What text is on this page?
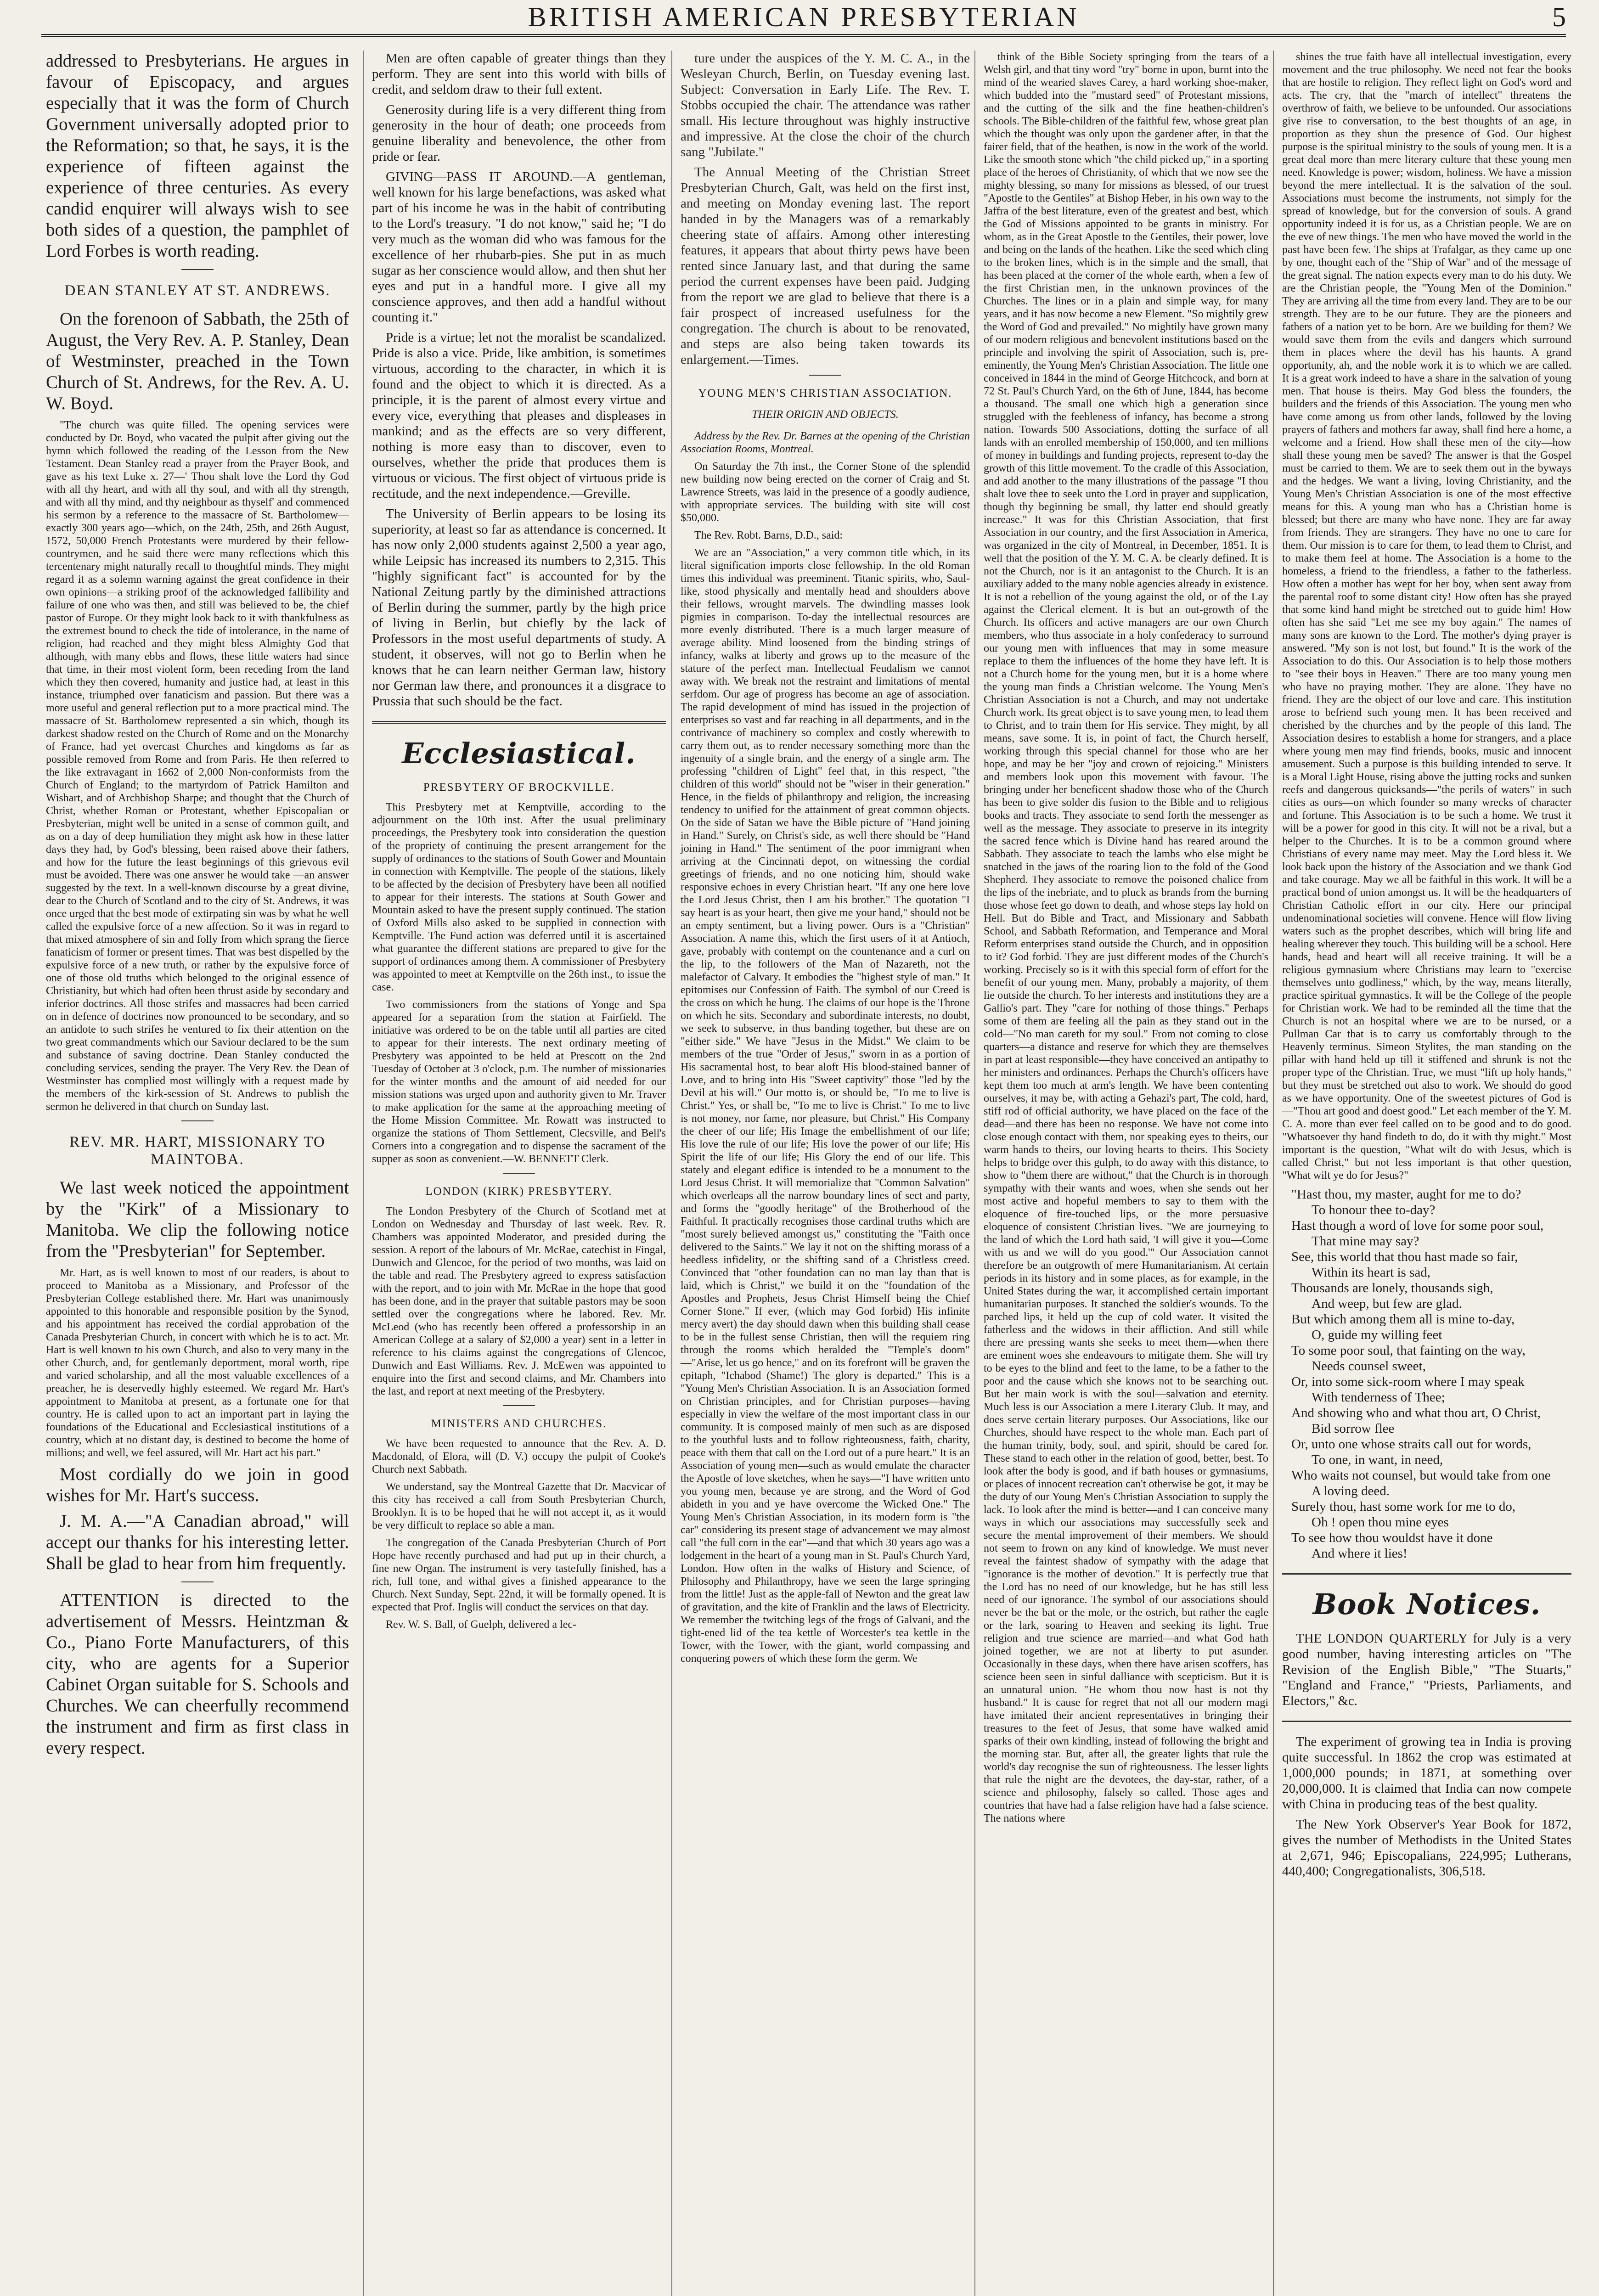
BRITISH AMERICAN PRESBYTERIAN	5

addressed to Presbyterians. He argues in favour of Episcopacy, and argues especially that it was the form of Church Government universally adopted prior to the Reformation; so that, he says, it is the experience of fifteen against the experience of three centuries. As every candid enquirer will always wish to see both sides of a question, the pamphlet of Lord Forbes is worth reading.

DEAN STANLEY AT ST. ANDREWS.

On the forenoon of Sabbath, the 25th of August, the Very Rev. A. P. Stanley, Dean of Westminster, preached in the Town Church of St. Andrews, for the Rev. A. U. W. Boyd.

"The church was quite filled. The opening services were conducted by Dr. Boyd, who vacated the pulpit after giving out the hymn which followed the reading of the Lesson from the New Testament. Dean Stanley read a prayer from the Prayer Book, and gave as his text Luke x. 27—' Thou shalt love the Lord thy God with all thy heart, and with all thy soul, and with all thy strength, and with all thy mind, and thy neighbour as thyself' and commenced his sermon by a reference to the massacre of St. Bartholomew—exactly 300 years ago—which, on the 24th, 25th, and 26th August, 1572, 50,000 French Protestants were murdered by their fellow-countrymen, and he said there were many reflections which this tercentenary might naturally recall to thoughtful minds. They might regard it as a solemn warning against the great confidence in their own opinions—a striking proof of the acknowledged fallibility and failure of one who was then, and still was believed to be, the chief pastor of Europe. Or they might look back to it with thankfulness as the extremest bound to check the tide of intolerance, in the name of religion, had reached and they might bless Almighty God that although, with many ebbs and flows, these little waters had since that time, in their most violent form, been receding from the land which they then covered, humanity and justice had, at least in this instance, triumphed over fanaticism and passion. But there was a more useful and general reflection put to a more practical mind. The massacre of St. Bartholomew represented a sin which, though its darkest shadow rested on the Church of Rome and on the Monarchy of France, had yet overcast Churches and kingdoms as far as possible removed from Rome and from Paris. He then referred to the like extravagant in 1662 of 2,000 Non-conformists from the Church of England; to the martyrdom of Patrick Hamilton and Wishart, and of Archbishop Sharpe; and thought that the Church of Christ, whether Roman or Protestant, whether Episcopalian or Presbyterian, might well be united in a sense of common guilt, and as on a day of deep humiliation they might ask how in these latter days they had, by God's blessing, been raised above their fathers, and how for the future the least beginnings of this grievous evil must be avoided. There was one answer he would take —an answer suggested by the text. In a well-known discourse by a great divine, dear to the Church of Scotland and to the city of St. Andrews, it was once urged that the best mode of extirpating sin was by what he well called the expulsive force of a new affection. So it was in regard to that mixed atmosphere of sin and folly from which sprang the fierce fanaticism of former or present times. That was best dispelled by the expulsive force of a new truth, or rather by the expulsive force of one of those old truths which belonged to the original essence of Christianity, but which had often been thrust aside by secondary and inferior doctrines. All those strifes and massacres had been carried on in defence of doctrines now pronounced to be secondary, and so an antidote to such strifes he ventured to fix their attention on the two great commandments which our Saviour declared to be the sum and substance of saving doctrine. Dean Stanley conducted the concluding services, sending the prayer. The Very Rev. the Dean of Westminster has complied most willingly with a request made by the members of the kirk-session of St. Andrews to publish the sermon he delivered in that church on Sunday last.

REV. MR. HART, MISSIONARY TO MAINTOBA.

We last week noticed the appointment by the "Kirk" of a Missionary to Manitoba. We clip the following notice from the "Presbyterian" for September.

Mr. Hart, as is well known to most of our readers, is about to proceed to Manitoba as a Missionary, and Professor of the Presbyterian College established there. Mr. Hart was unanimously appointed to this honorable and responsible position by the Synod, and his appointment has received the cordial approbation of the Canada Presbyterian Church, in concert with which he is to act. Mr. Hart is well known to his own Church, and also to very many in the other Church, and, for gentlemanly deportment, moral worth, ripe and varied scholarship, and all the most valuable excellences of a preacher, he is deservedly highly esteemed. We regard Mr. Hart's appointment to Manitoba at present, as a fortunate one for that country. He is called upon to act an important part in laying the foundations of the Educational and Ecclesiastical institutions of a country, which at no distant day, is destined to become the home of millions; and well, we feel assured, will Mr. Hart act his part."

Most cordially do we join in good wishes for Mr. Hart's success.

J. M. A.—"A Canadian abroad," will accept our thanks for his interesting letter. Shall be glad to hear from him frequently.

ATTENTION is directed to the advertisement of Messrs. Heintzman & Co., Piano Forte Manufacturers, of this city, who are agents for a Superior Cabinet Organ suitable for S. Schools and Churches. We can cheerfully recommend the instrument and firm as first class in every respect.

Men are often capable of greater things than they perform. They are sent into this world with bills of credit, and seldom draw to their full extent.

Generosity during life is a very different thing from generosity in the hour of death; one proceeds from genuine liberality and benevolence, the other from pride or fear.

GIVING—PASS IT AROUND.—A gentleman, well known for his large benefactions, was asked what part of his income he was in the habit of contributing to the Lord's treasury. "I do not know," said he; "I do very much as the woman did who was famous for the excellence of her rhubarb-pies. She put in as much sugar as her conscience would allow, and then shut her eyes and put in a handful more. I give all my conscience approves, and then add a handful without counting it."

Pride is a virtue; let not the moralist be scandalized. Pride is also a vice. Pride, like ambition, is sometimes virtuous, according to the character, in which it is found and the object to which it is directed. As a principle, it is the parent of almost every virtue and every vice, everything that pleases and displeases in mankind; and as the effects are so very different, nothing is more easy than to discover, even to ourselves, whether the pride that produces them is virtuous or vicious. The first object of virtuous pride is rectitude, and the next independence.—Greville.

The University of Berlin appears to be losing its superiority, at least so far as attendance is concerned. It has now only 2,000 students against 2,500 a year ago, while Leipsic has increased its numbers to 2,315. This "highly significant fact" is accounted for by the National Zeitung partly by the diminished attractions of Berlin during the summer, partly by the high price of living in Berlin, but chiefly by the lack of Professors in the most useful departments of study. A student, it observes, will not go to Berlin when he knows that he can learn neither German law, history nor German law there, and pronounces it a disgrace to Prussia that such should be the fact.

Ecclesiastical.
PRESBYTERY OF BROCKVILLE.

This Presbytery met at Kemptville, according to the adjournment on the 10th inst. After the usual preliminary proceedings, the Presbytery took into consideration the question of the propriety of continuing the present arrangement for the supply of ordinances to the stations of South Gower and Mountain in connection with Kemptville. The people of the stations, likely to be affected by the decision of Presbytery have been all notified to appear for their interests. The stations at South Gower and Mountain asked to have the present supply continued. The station of Oxford Mills also asked to be supplied in connection with Kemptville. The Fund action was deferred until it is ascertained what guarantee the different stations are prepared to give for the support of ordinances among them. A commissioner of Presbytery was appointed to meet at Kemptville on the 26th inst., to issue the case.

Two commissioners from the stations of Yonge and Spa appeared for a separation from the station at Fairfield. The initiative was ordered to be on the table until all parties are cited to appear for their interests. The next ordinary meeting of Presbytery was appointed to be held at Prescott on the 2nd Tuesday of October at 3 o'clock, p.m. The number of missionaries for the winter months and the amount of aid needed for our mission stations was urged upon and authority given to Mr. Traver to make application for the same at the approaching meeting of the Home Mission Committee. Mr. Rowatt was instructed to organize the stations of Thom Settlement, Clecsville, and Bell's Corners into a congregation and to dispense the sacrament of the supper as soon as convenient.—W. BENNETT Clerk.

LONDON (KIRK) PRESBYTERY.

The London Presbytery of the Church of Scotland met at London on Wednesday and Thursday of last week. Rev. R. Chambers was appointed Moderator, and presided during the session. A report of the labours of Mr. McRae, catechist in Fingal, Dunwich and Glencoe, for the period of two months, was laid on the table and read. The Presbytery agreed to express satisfaction with the report, and to join with Mr. McRae in the hope that good has been done, and in the prayer that suitable pastors may be soon settled over the congregations where he labored. Rev. Mr. McLeod (who has recently been offered a professorship in an American College at a salary of $2,000 a year) sent in a letter in reference to his claims against the congregations of Glencoe, Dunwich and East Williams. Rev. J. McEwen was appointed to enquire into the first and second claims, and Mr. Chambers into the last, and report at next meeting of the Presbytery.

MINISTERS AND CHURCHES.

We have been requested to announce that the Rev. A. D. Macdonald, of Elora, will (D. V.) occupy the pulpit of Cooke's Church next Sabbath.

We understand, say the Montreal Gazette that Dr. Macvicar of this city has received a call from South Presbyterian Church, Brooklyn. It is to be hoped that he will not accept it, as it would be very difficult to replace so able a man.

The congregation of the Canada Presbyterian Church of Port Hope have recently purchased and had put up in their church, a fine new Organ. The instrument is very tastefully finished, has a rich, full tone, and withal gives a finished appearance to the Church. Next Sunday, Sept. 22nd, it will be formally opened. It is expected that Prof. Inglis will conduct the services on that day.

Rev. W. S. Ball, of Guelph, delivered a lec-

ture under the auspices of the Y. M. C. A., in the Wesleyan Church, Berlin, on Tuesday evening last. Subject: Conversation in Early Life. The Rev. T. Stobbs occupied the chair. The attendance was rather small. His lecture throughout was highly instructive and impressive. At the close the choir of the church sang "Jubilate."

The Annual Meeting of the Christian Street Presbyterian Church, Galt, was held on the first inst, and meeting on Monday evening last. The report handed in by the Managers was of a remarkably cheering state of affairs. Among other interesting features, it appears that about thirty pews have been rented since January last, and that during the same period the current expenses have been paid. Judging from the report we are glad to believe that there is a fair prospect of increased usefulness for the congregation. The church is about to be renovated, and steps are also being taken towards its enlargement.—Times.

YOUNG MEN'S CHRISTIAN ASSOCIATION.
THEIR ORIGIN AND OBJECTS.

Address by the Rev. Dr. Barnes at the opening of the Christian Association Rooms, Montreal.

On Saturday the 7th inst., the Corner Stone of the splendid new building now being erected on the corner of Craig and St. Lawrence Streets, was laid in the presence of a goodly audience, with appropriate services. The building with site will cost $50,000.

The Rev. Robt. Barns, D.D., said:

We are an "Association," a very common title which, in its literal signification imports close fellowship. In the old Roman times this individual was preeminent. Titanic spirits, who, Saul-like, stood physically and mentally head and shoulders above their fellows, wrought marvels. The dwindling masses look pigmies in comparison. To-day the intellectual resources are more evenly distributed. There is a much larger measure of average ability. Mind loosened from the binding strings of infancy, walks at liberty and grows up to the measure of the stature of the perfect man. Intellectual Feudalism we cannot away with. We break not the restraint and limitations of mental serfdom. Our age of progress has become an age of association. The rapid development of mind has issued in the projection of enterprises so vast and far reaching in all departments, and in the contrivance of machinery so complex and costly wherewith to carry them out, as to render necessary something more than the ingenuity of a single brain, and the energy of a single arm. The professing "children of Light" feel that, in this respect, "the children of this world" should not be "wiser in their generation." Hence, in the fields of philanthropy and religion, the increasing tendency to unified for the attainment of great common objects. On the side of Satan we have the Bible picture of "Hand joining in Hand." Surely, on Christ's side, as well there should be "Hand joining in Hand." The sentiment of the poor immigrant when arriving at the Cincinnati depot, on witnessing the cordial greetings of friends, and no one noticing him, should wake responsive echoes in every Christian heart. "If any one here love the Lord Jesus Christ, then I am his brother." The quotation "I say heart is as your heart, then give me your hand," should not be an empty sentiment, but a living power. Ours is a "Christian" Association. A name this, which the first users of it at Antioch, gave, probably with contempt on the countenance and a curl on the lip, to the followers of the Man of Nazareth, not the malefactor of Calvary. It embodies the "highest style of man." It epitomises our Confession of Faith. The symbol of our Creed is the cross on which he hung. The claims of our hope is the Throne on which he sits. Secondary and subordinate interests, no doubt, we seek to subserve, in thus banding together, but these are on "either side." We have "Jesus in the Midst." We claim to be members of the true "Order of Jesus," sworn in as a portion of His sacramental host, to bear aloft His blood-stained banner of Love, and to bring into His "Sweet captivity" those "led by the Devil at his will." Our motto is, or should be, "To me to live is Christ." Yes, or shall be, "To me to live is Christ." To me to live is not money, nor fame, nor pleasure, but Christ." His Company the cheer of our life; His Image the embellishment of our life; His love the rule of our life; His love the power of our life; His Spirit the life of our life; His Glory the end of our life. This stately and elegant edifice is intended to be a monument to the Lord Jesus Christ. It will memorialize that "Common Salvation" which overleaps all the narrow boundary lines of sect and party, and forms the "goodly heritage" of the Brotherhood of the Faithful. It practically recognises those cardinal truths which are "most surely believed amongst us," constituting the "Faith once delivered to the Saints." We lay it not on the shifting morass of a heedless infidelity, or the shifting sand of a Christless creed. Convinced that "other foundation can no man lay than that is laid, which is Christ," we build it on the "foundation of the Apostles and Prophets, Jesus Christ Himself being the Chief Corner Stone." If ever, (which may God forbid) His infinite mercy avert) the day should dawn when this building shall cease to be in the fullest sense Christian, then will the requiem ring through the rooms which heralded the "Temple's doom" —"Arise, let us go hence," and on its forefront will be graven the epitaph, "Ichabod (Shame!) The glory is departed." This is a "Young Men's Christian Association. It is an Association formed on Christian principles, and for Christian purposes—having especially in view the welfare of the most important class in our community. It is composed mainly of men such as are disposed to the youthful lusts and to follow righteousness, faith, charity, peace with them that call on the Lord out of a pure heart." It is an Association of young men—such as would emulate the character the Apostle of love sketches, when he says—"I have written unto you young men, because ye are strong, and the Word of God abideth in you and ye have overcome the Wicked One." The Young Men's Christian Association, in its modern form is "the car" considering its present stage of advancement we may almost call "the full corn in the ear"—and that which 30 years ago was a lodgement in the heart of a young man in St. Paul's Church Yard, London. How often in the walks of History and Science, of Philosophy and Philanthropy, have we seen the large springing from the little! Just as the apple-fall of Newton and the great law of gravitation, and the kite of Franklin and the laws of Electricity. We remember the twitching legs of the frogs of Galvani, and the tight-ened lid of the tea kettle of Worcester's tea kettle in the Tower, with the Tower, with the giant, world compassing and conquering powers of which these form the germ. We

think of the Bible Society springing from the tears of a Welsh girl, and that tiny word "try" borne in upon, burnt into the mind of the wearied slaves Carey, a hard working shoe-maker, which budded into the "mustard seed" of Protestant missions, and the cutting of the silk and the fine heathen-children's schools. The Bible-children of the faithful few, whose great plan which the thought was only upon the gardener after, in that the fairer field, that of the heathen, is now in the work of the world. Like the smooth stone which "the child picked up," in a sporting place of the heroes of Christianity, of which that we now see the mighty blessing, so many for missions as blessed, of our truest "Apostle to the Gentiles" at Bishop Heber, in his own way to the Jaffra of the best literature, even of the greatest and best, which the God of Missions appointed to be grants in ministry. For whom, as in the Great Apostle to the Gentiles, their power, love and being on the lands of the heathen. Like the seed which cling to the broken lines, which is in the simple and the small, that has been placed at the corner of the whole earth, when a few of the first Christian men, in the unknown provinces of the Churches. The lines or in a plain and simple way, for many years, and it has now become a new Element. "So mightily grew the Word of God and prevailed." No mightily have grown many of our modern religious and benevolent institutions based on the principle and involving the spirit of Association, such is, pre-eminently, the Young Men's Christian Association. The little one conceived in 1844 in the mind of George Hitchcock, and born at 72 St. Paul's Church Yard, on the 6th of June, 1844, has become a thousand. The small one which high a generation since struggled with the feebleness of infancy, has become a strong nation. Towards 500 Associations, dotting the surface of all lands with an enrolled membership of 150,000, and ten millions of money in buildings and funding projects, represent to-day the growth of this little movement. To the cradle of this Association, and add another to the many illustrations of the passage "I thou shalt love thee to seek unto the Lord in prayer and supplication, though thy beginning be small, thy latter end should greatly increase." It was for this Christian Association, that first Association in our country, and the first Association in America, was organized in the city of Montreal, in December, 1851. It is well that the position of the Y. M. C. A. be clearly defined. It is not the Church, nor is it an antagonist to the Church. It is an auxiliary added to the many noble agencies already in existence. It is not a rebellion of the young against the old, or of the Lay against the Clerical element. It is but an out-growth of the Church. Its officers and active managers are our own Church members, who thus associate in a holy confederacy to surround our young men with influences that may in some measure replace to them the influences of the home they have left. It is not a Church home for the young men, but it is a home where the young man finds a Christian welcome. The Young Men's Christian Association is not a Church, and may not undertake Church work. Its great object is to save young men, to lead them to Christ, and to train them for His service. They might, by all means, save some. It is, in point of fact, the Church herself, working through this special channel for those who are her hope, and may be her "joy and crown of rejoicing." Ministers and members look upon this movement with favour. The bringing under her beneficent shadow those who of the Church has been to give solder dis fusion to the Bible and to religious books and tracts. They associate to send forth the messenger as well as the message. They associate to preserve in its integrity the sacred fence which is Divine hand has reared around the Sabbath. They associate to teach the lambs who else might be snatched in the jaws of the roaring lion to the fold of the Good Shepherd. They associate to remove the poisoned chalice from the lips of the inebriate, and to pluck as brands from the burning those whose feet go down to death, and whose steps lay hold on Hell. But do Bible and Tract, and Missionary and Sabbath School, and Sabbath Reformation, and Temperance and Moral Reform enterprises stand outside the Church, and in opposition to it? God forbid. They are just different modes of the Church's working. Precisely so is it with this special form of effort for the benefit of our young men. Many, probably a majority, of them lie outside the church. To her interests and institutions they are a Gallio's part. They "care for nothing of those things." Perhaps some of them are feeling all the pain as they stand out in the cold—"No man careth for my soul." From not coming to close quarters—a distance and reserve for which they are themselves in part at least responsible—they have conceived an antipathy to her ministers and ordinances. Perhaps the Church's officers have kept them too much at arm's length. We have been contenting ourselves, it may be, with acting a Gehazi's part, The cold, hard, stiff rod of official authority, we have placed on the face of the dead—and there has been no response. We have not come into close enough contact with them, nor speaking eyes to theirs, our warm hands to theirs, our loving hearts to theirs. This Society helps to bridge over this gulph, to do away with this distance, to show to "them there are without," that the Church is in thorough sympathy with their wants and woes, when she sends out her most active and hopeful members to say to them with the eloquence of fire-touched lips, or the more persuasive eloquence of consistent Christian lives. "We are journeying to the land of which the Lord hath said, 'I will give it you—Come with us and we will do you good.'" Our Association cannot therefore be an outgrowth of mere Humanitarianism. At certain periods in its history and in some places, as for example, in the United States during the war, it accomplished certain important humanitarian purposes. It stanched the soldier's wounds. To the parched lips, it held up the cup of cold water. It visited the fatherless and the widows in their affliction. And still while there are pressing wants she seeks to meet them—when there are eminent woes she endeavours to mitigate them. She will try to be eyes to the blind and feet to the lame, to be a father to the poor and the cause which she knows not to be searching out. But her main work is with the soul—salvation and eternity. Much less is our Association a mere Literary Club. It may, and does serve certain literary purposes. Our Associations, like our Churches, should have respect to the whole man. Each part of the human trinity, body, soul, and spirit, should be cared for. These stand to each other in the relation of good, better, best. To look after the body is good, and if bath houses or gymnasiums, or places of innocent recreation can't otherwise be got, it may be the duty of our Young Men's Christian Association to supply the lack. To look after the mind is better—and I can conceive many ways in which our associations may successfully seek and secure the mental improvement of their members. We should not seem to frown on any kind of knowledge. We must never reveal the faintest shadow of sympathy with the adage that "ignorance is the mother of devotion." It is perfectly true that the Lord has no need of our knowledge, but he has still less need of our ignorance. The symbol of our associations should never be the bat or the mole, or the ostrich, but rather the eagle or the lark, soaring to Heaven and seeking its light. True religion and true science are married—and what God hath joined together, we are not at liberty to put asunder. Occasionally in these days, when there have arisen scoffers, has science been seen in sinful dalliance with scepticism. But it is an unnatural union. "He whom thou now hast is not thy husband." It is cause for regret that not all our modern magi have imitated their ancient representatives in bringing their treasures to the feet of Jesus, that some have walked amid sparks of their own kindling, instead of following the bright and the morning star. But, after all, the greater lights that rule the world's day recognise the sun of righteousness. The lesser lights that rule the night are the devotees, the day-star, rather, of a science and philosophy, falsely so called. Those ages and countries that have had a false religion have had a false science. The nations where

shines the true faith have all intellectual investigation, every movement and the true philosophy. We need not fear the books that are hostile to religion. They reflect light on God's word and acts. The cry, that the "march of intellect" threatens the overthrow of faith, we believe to be unfounded. Our associations give rise to conversation, to the best thoughts of an age, in proportion as they shun the presence of God. Our highest purpose is the spiritual ministry to the souls of young men. It is a great deal more than mere literary culture that these young men need. Knowledge is power; wisdom, holiness. We have a mission beyond the mere intellectual. It is the salvation of the soul. Associations must become the instruments, not simply for the spread of knowledge, but for the conversion of souls. A grand opportunity indeed it is for us, as a Christian people. We are on the eve of new things. The men who have moved the world in the past have been few. The ships at Trafalgar, as they came up one by one, thought each of the "Ship of War" and of the message of the great signal. The nation expects every man to do his duty. We are the Christian people, the "Young Men of the Dominion." They are arriving all the time from every land. They are to be our strength. They are to be our future. They are the pioneers and fathers of a nation yet to be born. Are we building for them? We would save them from the evils and dangers which surround them in places where the devil has his haunts. A grand opportunity, ah, and the noble work it is to which we are called. It is a great work indeed to have a share in the salvation of young men. That house is theirs. May God bless the founders, the builders and the friends of this Association. The young men who have come among us from other lands, followed by the loving prayers of fathers and mothers far away, shall find here a home, a welcome and a friend. How shall these men of the city—how shall these young men be saved? The answer is that the Gospel must be carried to them. We are to seek them out in the byways and the hedges. We want a living, loving Christianity, and the Young Men's Christian Association is one of the most effective means for this. A young man who has a Christian home is blessed; but there are many who have none. They are far away from friends. They are strangers. They have no one to care for them. Our mission is to care for them, to lead them to Christ, and to make them feel at home. The Association is a home to the homeless, a friend to the friendless, a father to the fatherless. How often a mother has wept for her boy, when sent away from the parental roof to some distant city! How often has she prayed that some kind hand might be stretched out to guide him! How often has she said "Let me see my boy again." The names of many sons are known to the Lord. The mother's dying prayer is answered. "My son is not lost, but found." It is the work of the Association to do this. Our Association is to help those mothers to "see their boys in Heaven." There are too many young men who have no praying mother. They are alone. They have no friend. They are the object of our love and care. This institution arose to befriend such young men. It has been received and cherished by the churches and by the people of this land. The Association desires to establish a home for strangers, and a place where young men may find friends, books, music and innocent amusement. Such a purpose is this building intended to serve. It is a Moral Light House, rising above the jutting rocks and sunken reefs and dangerous quicksands—"the perils of waters" in such cities as ours—on which founder so many wrecks of character and fortune. This Association is to be such a home. We trust it will be a power for good in this city. It will not be a rival, but a helper to the Churches. It is to be a common ground where Christians of every name may meet. May the Lord bless it. We look back upon the history of the Association and we thank God and take courage. May we all be faithful in this work. It will be a practical bond of union amongst us. It will be the headquarters of Christian Catholic effort in our city. Here our principal undenominational societies will convene. Hence will flow living waters such as the prophet describes, which will bring life and healing wherever they touch. This building will be a school. Here hands, head and heart will all receive training. It will be a religious gymnasium where Christians may learn to "exercise themselves unto godliness," which, by the way, means literally, practice spiritual gymnastics. It will be the College of the people for Christian work. We had to be reminded all the time that the Church is not an hospital where we are to be nursed, or a Pullman Car that is to carry us comfortably through to the Heavenly terminus. Simeon Stylites, the man standing on the pillar with hand held up till it stiffened and shrunk is not the proper type of the Christian. True, we must "lift up holy hands," but they must be stretched out also to work. We should do good as we have opportunity. One of the sweetest pictures of God is—"Thou art good and doest good." Let each member of the Y. M. C. A. more than ever feel called on to be good and to do good. "Whatsoever thy hand findeth to do, do it with thy might." Most important is the question, "What wilt do with Jesus, which is called Christ," but not less important is that other question, "What wilt ye do for Jesus?"

"Hast thou, my master, aught for me to do?
To honour thee to-day?
Hast though a word of love for some poor soul,
That mine may say?
See, this world that thou hast made so fair,
Within its heart is sad,
Thousands are lonely, thousands sigh,
And weep, but few are glad.
But which among them all is mine to-day,
O, guide my willing feet
To some poor soul, that fainting on the way,
Needs counsel sweet,
Or, into some sick-room where I may speak
With tenderness of Thee;
And showing who and what thou art, O Christ,
Bid sorrow flee
Or, unto one whose straits call out for words,
To one, in want, in need,
Who waits not counsel, but would take from one
A loving deed.
Surely thou, hast some work for me to do,
Oh ! open thou mine eyes
To see how thou wouldst have it done
And where it lies!
Book Notices.

THE LONDON QUARTERLY for July is a very good number, having interesting articles on "The Revision of the English Bible," "The Stuarts," "England and France," "Priests, Parliaments, and Electors," &c.

The experiment of growing tea in India is proving quite successful. In 1862 the crop was estimated at 1,000,000 pounds; in 1871, at something over 20,000,000. It is claimed that India can now compete with China in producing teas of the best quality.

The New York Observer's Year Book for 1872, gives the number of Methodists in the United States at 2,671, 946; Episcopalians, 224,995; Lutherans, 440,400; Congregationalists, 306,518.
